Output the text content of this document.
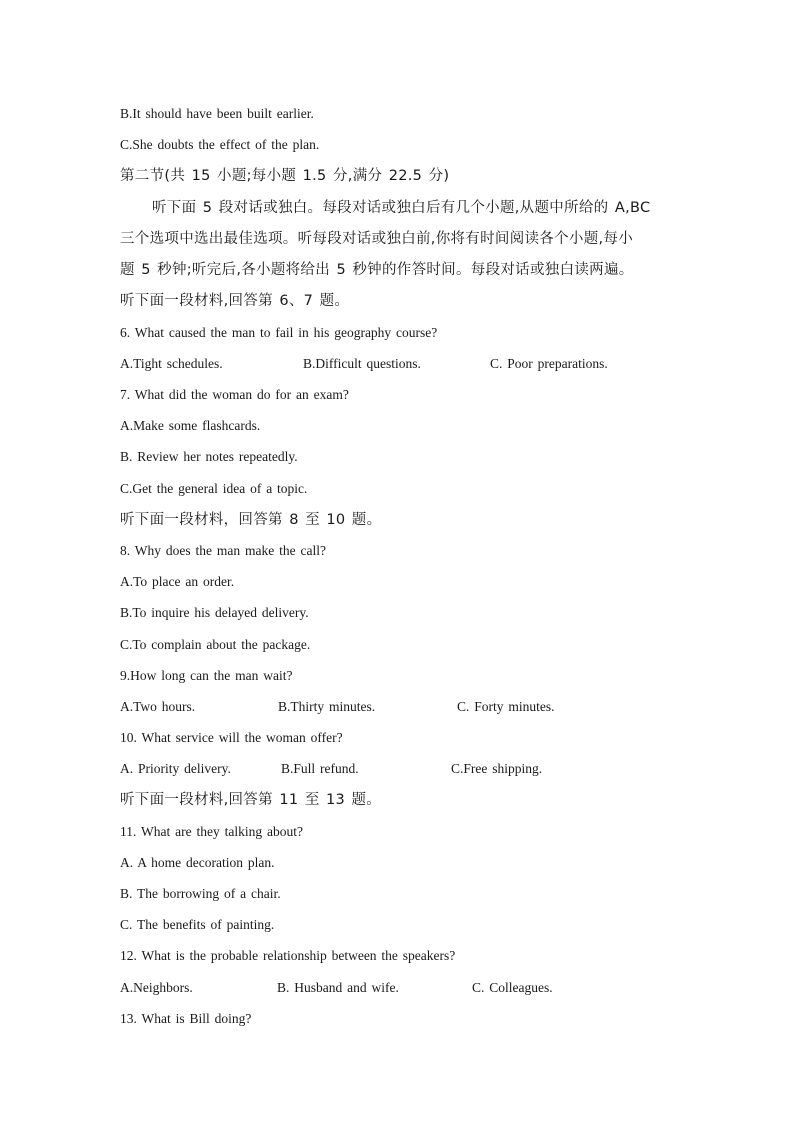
B.It should have been built earlier.
C.She doubts the effect of the plan.
第二节(共 15 小题;每小题 1.5 分,满分 22.5 分)
听下面 5 段对话或独白。每段对话或独白后有几个小题,从题中所给的 A,BC
三个选项中选出最佳选项。听每段对话或独白前,你将有时间阅读各个小题,每小
题 5 秒钟;听完后,各小题将给出 5 秒钟的作答时间。每段对话或独白读两遍。
听下面一段材料,回答第 6、7 题。
6. What caused the man to fail in his geography course?
A.Tight schedules.	B.Difficult questions.	C. Poor preparations.
7. What did the woman do for an exam?
A.Make some flashcards.
B. Review her notes repeatedly.
C.Get the general idea of a topic.
听下面一段材料，回答第 8 至 10 题。
8. Why does the man make the call?
A.To place an order.
B.To inquire his delayed delivery.
C.To complain about the package.
9.How long can the man wait?
A.Two hours.	B.Thirty minutes.	C. Forty minutes.
10. What service will the woman offer?
A. Priority delivery.	B.Full refund.	C.Free shipping.
听下面一段材料,回答第 11 至 13 题。
11. What are they talking about?
A. A home decoration plan.
B. The borrowing of a chair.
C. The benefits of painting.
12. What is the probable relationship between the speakers?
A.Neighbors.	B. Husband and wife.	C. Colleagues.
13. What is Bill doing?
